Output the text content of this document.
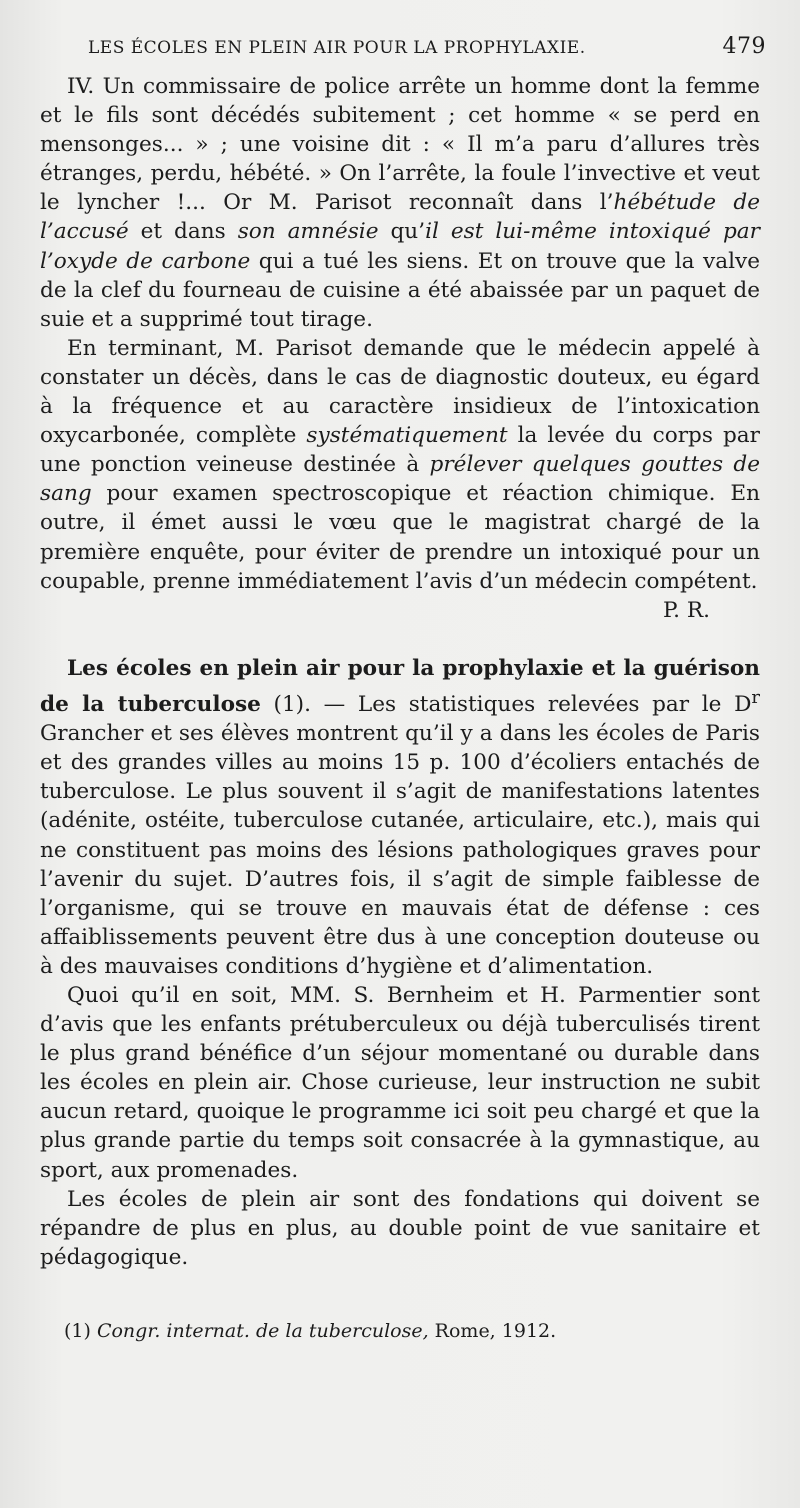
LES ÉCOLES EN PLEIN AIR POUR LA PROPHYLAXIE.	479

IV. Un commissaire de police arrête un homme dont la femme et le fils sont décédés subitement ; cet homme « se perd en mensonges... » ; une voisine dit : « Il m’a paru d’allures très étranges, perdu, hébété. » On l’arrête, la foule l’invective et veut le lyncher !... Or M. Parisot reconnaît dans l’hébétude de l’accusé et dans son amnésie qu’il est lui-même intoxiqué par l’oxyde de carbone qui a tué les siens. Et on trouve que la valve de la clef du fourneau de cuisine a été abaissée par un paquet de suie et a supprimé tout tirage.

En terminant, M. Parisot demande que le médecin appelé à constater un décès, dans le cas de diagnostic douteux, eu égard à la fréquence et au caractère insidieux de l’intoxication oxycarbonée, complète systématiquement la levée du corps par une ponction veineuse destinée à prélever quelques gouttes de sang pour examen spectroscopique et réaction chimique. En outre, il émet aussi le vœu que le magistrat chargé de la première enquête, pour éviter de prendre un intoxiqué pour un coupable, prenne immédiatement l’avis d’un médecin compétent.

P. R.

Les écoles en plein air pour la prophylaxie et la guérison de la tuberculose (1). — Les statistiques relevées par le $D^r$ Grancher et ses élèves montrent qu’il y a dans les écoles de Paris et des grandes villes au moins 15 p. 100 d’écoliers entachés de tuberculose. Le plus souvent il s’agit de manifestations latentes (adénite, ostéite, tuberculose cutanée, articulaire, etc.), mais qui ne constituent pas moins des lésions pathologiques graves pour l’avenir du sujet. D’autres fois, il s’agit de simple faiblesse de l’organisme, qui se trouve en mauvais état de défense : ces affaiblissements peuvent être dus à une conception douteuse ou à des mauvaises conditions d’hygiène et d’alimentation.

Quoi qu’il en soit, MM. S. Bernheim et H. Parmentier sont d’avis que les enfants prétuberculeux ou déjà tuberculisés tirent le plus grand bénéfice d’un séjour momentané ou durable dans les écoles en plein air. Chose curieuse, leur instruction ne subit aucun retard, quoique le programme ici soit peu chargé et que la plus grande partie du temps soit consacrée à la gymnastique, au sport, aux promenades.

Les écoles de plein air sont des fondations qui doivent se répandre de plus en plus, au double point de vue sanitaire et pédagogique.

(1) Congr. internat. de la tuberculose, Rome, 1912.
